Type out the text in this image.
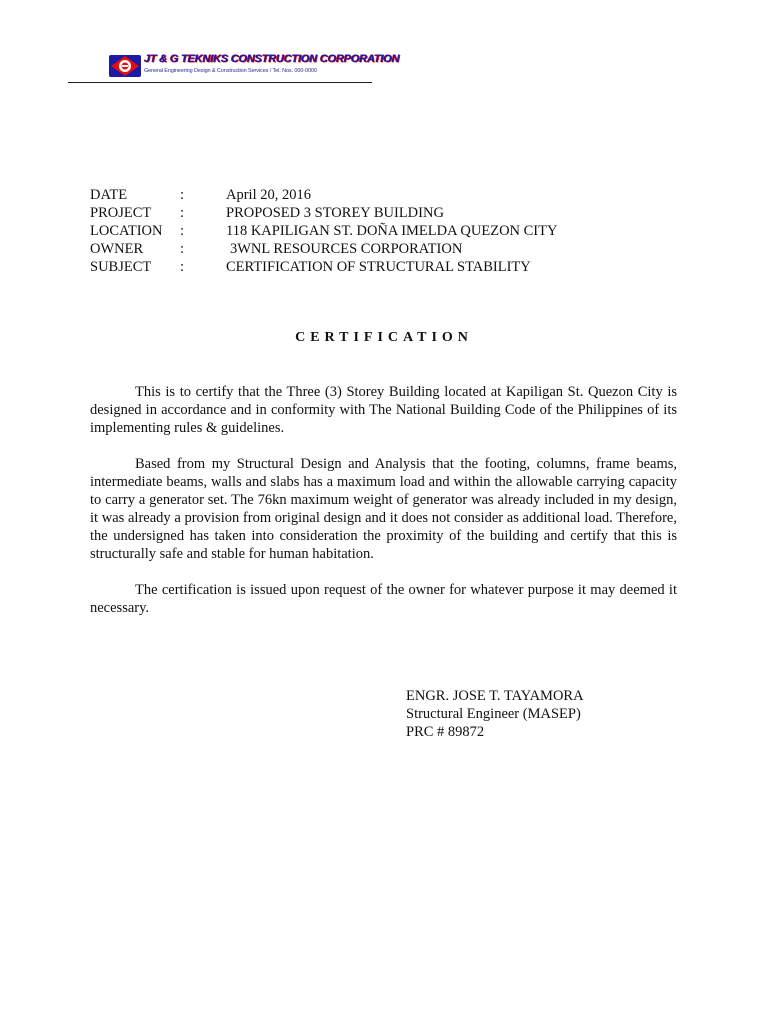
JT & G TEKNIKS CONSTRUCTION CORPORATION
General Engineering Design & Construction Services / Tel. Nos. 000-0000
DATE	:	April 20, 2016
PROJECT	:	PROPOSED 3 STOREY BUILDING
LOCATION	:	118 KAPILIGAN ST. DOÑA IMELDA QUEZON CITY
OWNER	:	3WNL RESOURCES CORPORATION
SUBJECT	:	CERTIFICATION OF STRUCTURAL STABILITY
CERTIFICATION

This is to certify that the Three (3) Storey Building located at Kapiligan St. Quezon City is designed in accordance and in conformity with The National Building Code of the Philippines of its implementing rules & guidelines.

Based from my Structural Design and Analysis that the footing, columns, frame beams, intermediate beams, walls and slabs has a maximum load and within the allowable carrying capacity to carry a generator set. The 76kn maximum weight of generator was already included in my design, it was already a provision from original design and it does not consider as additional load. Therefore, the undersigned has taken into consideration the proximity of the building and certify that this is structurally safe and stable for human habitation.

The certification is issued upon request of the owner for whatever purpose it may deemed it necessary.

ENGR. JOSE T. TAYAMORA
Structural Engineer (MASEP)
PRC # 89872
